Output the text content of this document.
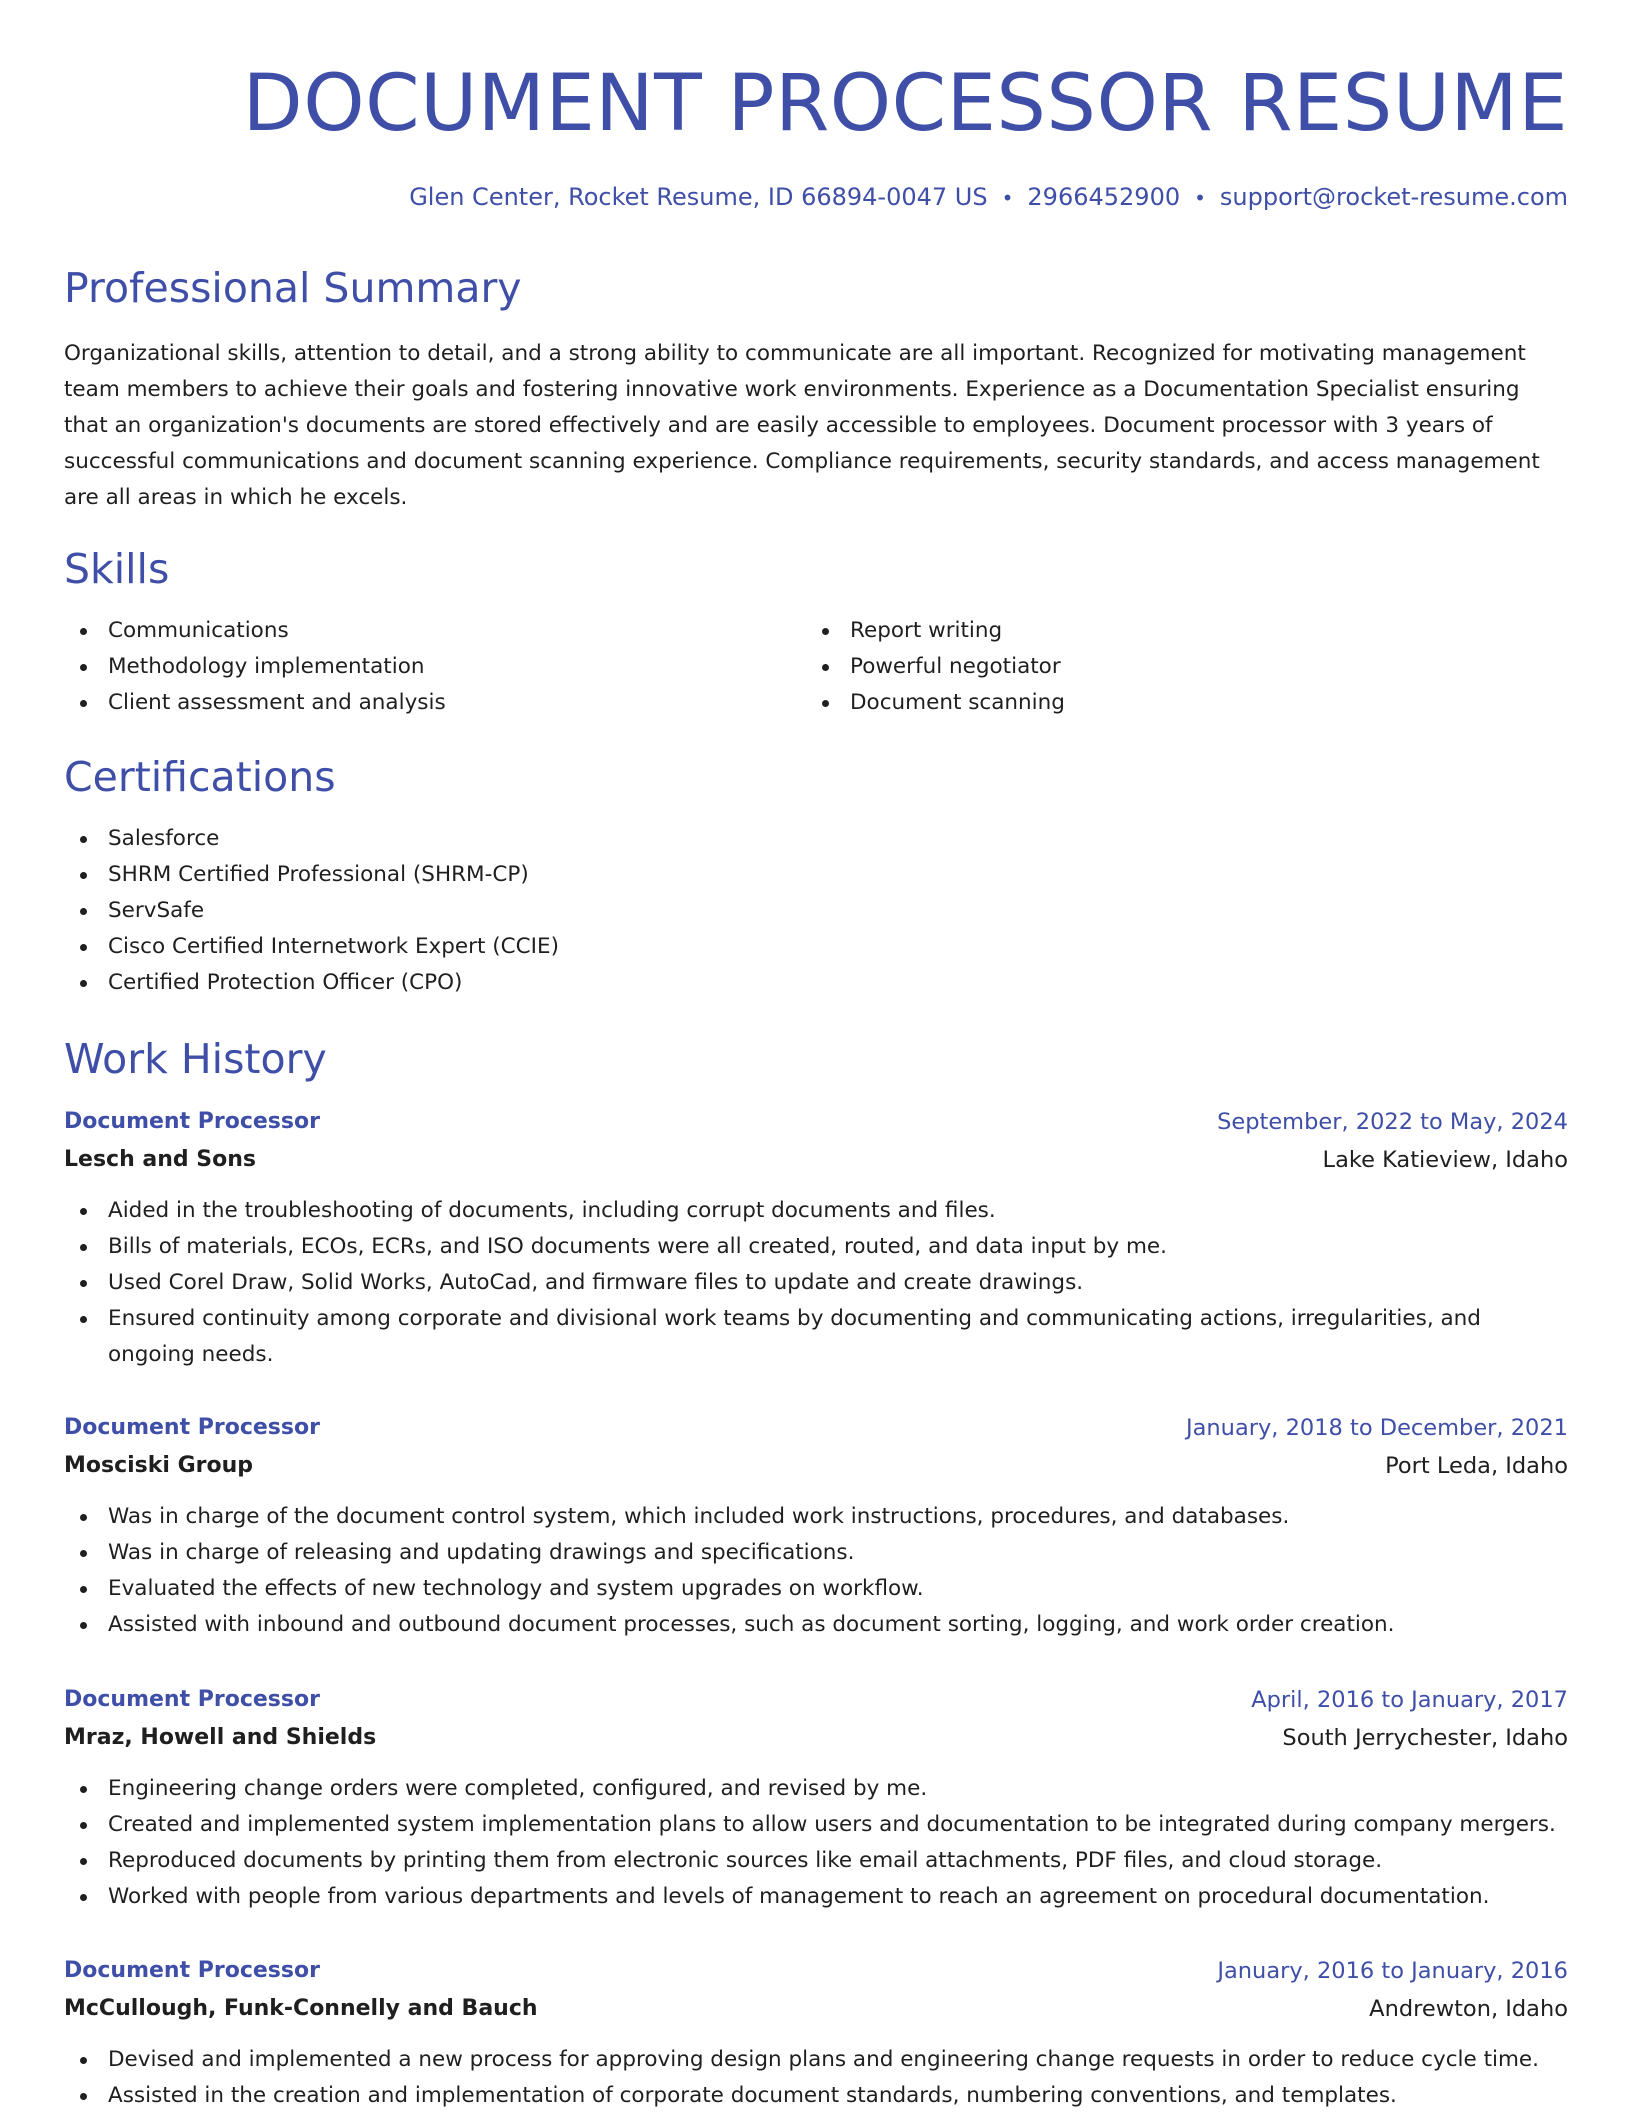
DOCUMENT PROCESSOR RESUME
Glen Center, Rocket Resume, ID 66894-0047 US • 2966452900 • support@rocket-resume.com
Professional Summary

Organizational skills, attention to detail, and a strong ability to communicate are all important. Recognized for motivating management team members to achieve their goals and fostering innovative work environments. Experience as a Documentation Specialist ensuring that an organization's documents are stored effectively and are easily accessible to employees. Document processor with 3 years of successful communications and document scanning experience. Compliance requirements, security standards, and access management are all areas in which he excels.

Skills
Communications
Methodology implementation
Client assessment and analysis
Report writing
Powerful negotiator
Document scanning
Certifications
Salesforce
SHRM Certified Professional (SHRM-CP)
ServSafe
Cisco Certified Internetwork Expert (CCIE)
Certified Protection Officer (CPO)
Work History
Document Processor	September, 2022 to May, 2024
Lesch and Sons	Lake Katieview, Idaho
Aided in the troubleshooting of documents, including corrupt documents and files.
Bills of materials, ECOs, ECRs, and ISO documents were all created, routed, and data input by me.
Used Corel Draw, Solid Works, AutoCad, and firmware files to update and create drawings.
Ensured continuity among corporate and divisional work teams by documenting and communicating actions, irregularities, and ongoing needs.
Document Processor	January, 2018 to December, 2021
Mosciski Group	Port Leda, Idaho
Was in charge of the document control system, which included work instructions, procedures, and databases.
Was in charge of releasing and updating drawings and specifications.
Evaluated the effects of new technology and system upgrades on workflow.
Assisted with inbound and outbound document processes, such as document sorting, logging, and work order creation.
Document Processor	April, 2016 to January, 2017
Mraz, Howell and Shields	South Jerrychester, Idaho
Engineering change orders were completed, configured, and revised by me.
Created and implemented system implementation plans to allow users and documentation to be integrated during company mergers.
Reproduced documents by printing them from electronic sources like email attachments, PDF files, and cloud storage.
Worked with people from various departments and levels of management to reach an agreement on procedural documentation.
Document Processor	January, 2016 to January, 2016
McCullough, Funk-Connelly and Bauch	Andrewton, Idaho
Devised and implemented a new process for approving design plans and engineering change requests in order to reduce cycle time.
Assisted in the creation and implementation of corporate document standards, numbering conventions, and templates.
